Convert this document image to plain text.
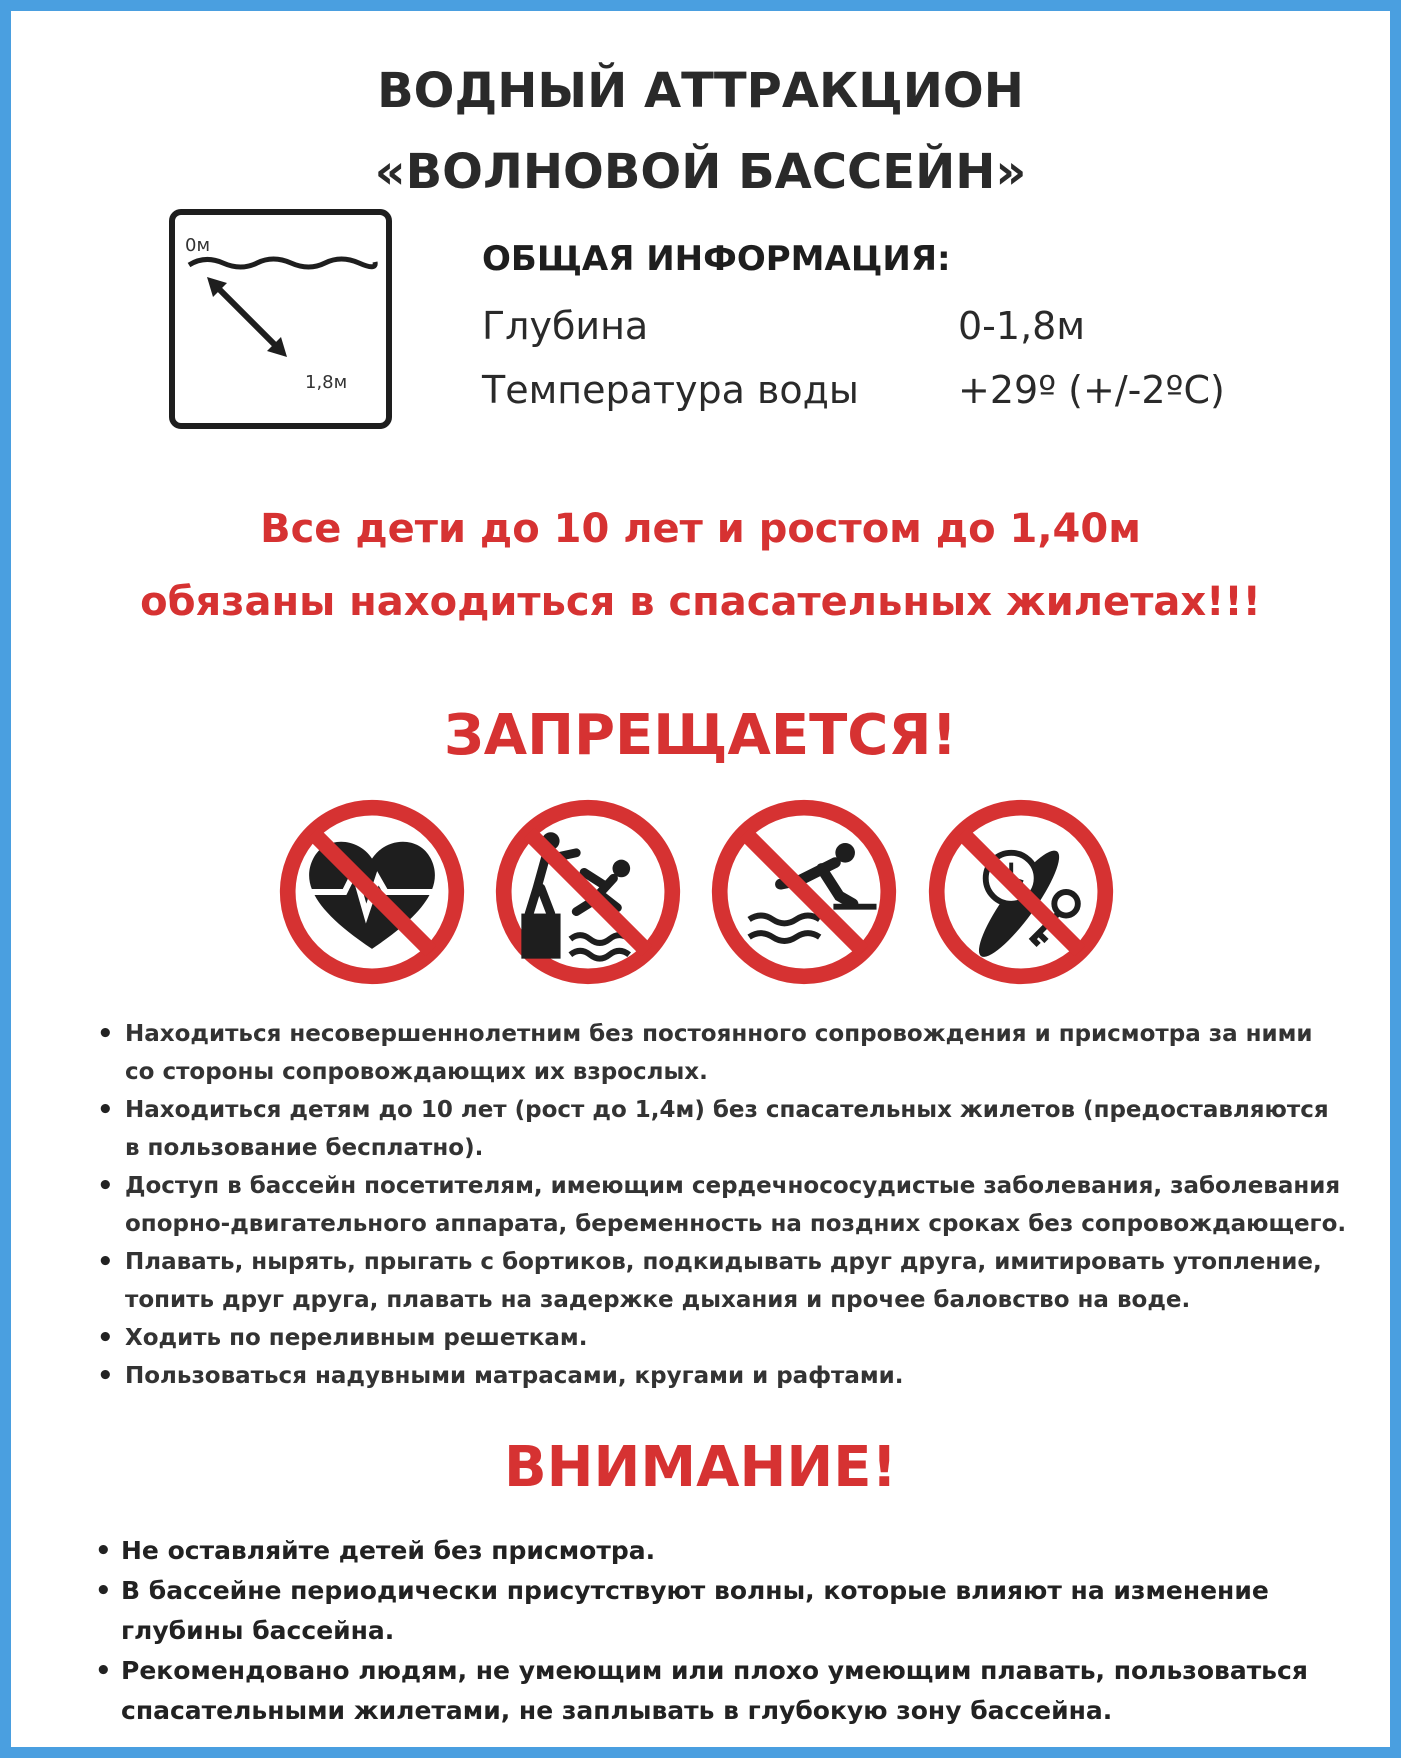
ВОДНЫЙ АТТРАКЦИОН
«ВОЛНОВОЙ БАССЕЙН»
0м
1,8м
ОБЩАЯ ИНФОРМАЦИЯ:
Глубина	0-1,8м
Температура воды	+29º (+/-2ºC)
Все дети до 10 лет и ростом до 1,40м
обязаны находиться в спасательных жилетах!!!
ЗАПРЕЩАЕТСЯ!
• Находиться несовершеннолетним без постоянного сопровождения и присмотра за ними
со стороны сопровождающих их взрослых.
• Находиться детям до 10 лет (рост до 1,4м) без спасательных жилетов (предоставляются
в пользование бесплатно).
• Доступ в бассейн посетителям, имеющим сердечнососудистые заболевания, заболевания
опорно-двигательного аппарата, беременность на поздних сроках без сопровождающего.
• Плавать, нырять, прыгать с бортиков, подкидывать друг друга, имитировать утопление,
топить друг друга, плавать на задержке дыхания и прочее баловство на воде.
• Ходить по переливным решеткам.
• Пользоваться надувными матрасами, кругами и рафтами.
ВНИМАНИЕ!
• Не оставляйте детей без присмотра.
• В бассейне периодически присутствуют волны, которые влияют на изменение
глубины бассейна.
• Рекомендовано людям, не умеющим или плохо умеющим плавать, пользоваться
спасательными жилетами, не заплывать в глубокую зону бассейна.
